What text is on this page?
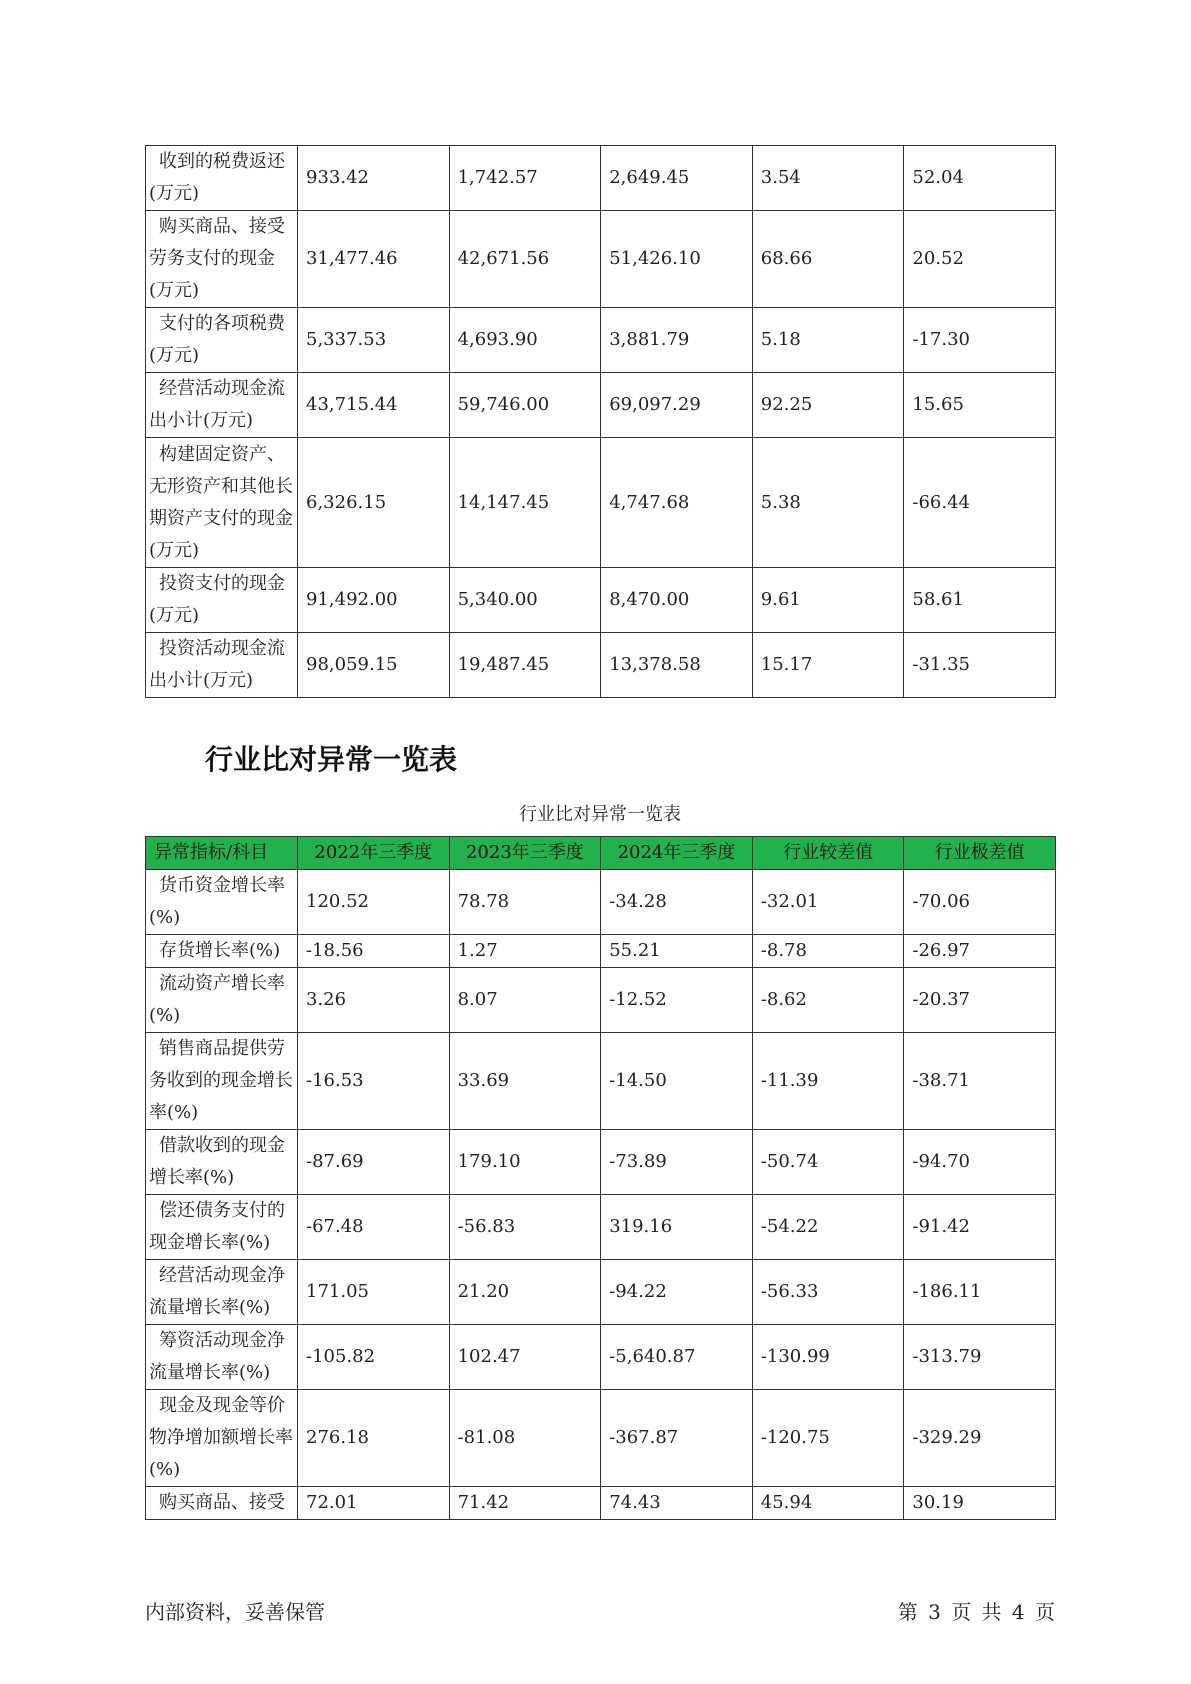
收到的税费返还(万元)	933.42	1,742.57	2,649.45	3.54	52.04
购买商品、接受劳务支付的现金(万元)	31,477.46	42,671.56	51,426.10	68.66	20.52
支付的各项税费(万元)	5,337.53	4,693.90	3,881.79	5.18	-17.30
经营活动现金流出小计(万元)	43,715.44	59,746.00	69,097.29	92.25	15.65
构建固定资产、无形资产和其他长期资产支付的现金(万元)	6,326.15	14,147.45	4,747.68	5.38	-66.44
投资支付的现金(万元)	91,492.00	5,340.00	8,470.00	9.61	58.61
投资活动现金流出小计(万元)	98,059.15	19,487.45	13,378.58	15.17	-31.35
行业比对异常一览表
行业比对异常一览表
异常指标/科目	2022年三季度	2023年三季度	2024年三季度	行业较差值	行业极差值
货币资金增长率(%)	120.52	78.78	-34.28	-32.01	-70.06
存货增长率(%)	-18.56	1.27	55.21	-8.78	-26.97
流动资产增长率(%)	3.26	8.07	-12.52	-8.62	-20.37
销售商品提供劳务收到的现金增长率(%)	-16.53	33.69	-14.50	-11.39	-38.71
借款收到的现金增长率(%)	-87.69	179.10	-73.89	-50.74	-94.70
偿还债务支付的现金增长率(%)	-67.48	-56.83	319.16	-54.22	-91.42
经营活动现金净流量增长率(%)	171.05	21.20	-94.22	-56.33	-186.11
筹资活动现金净流量增长率(%)	-105.82	102.47	-5,640.87	-130.99	-313.79
现金及现金等价物净增加额增长率(%)	276.18	-81.08	-367.87	-120.75	-329.29
购买商品、接受	72.01	71.42	74.43	45.94	30.19
内部资料，妥善保管	第 3 页 共 4 页
